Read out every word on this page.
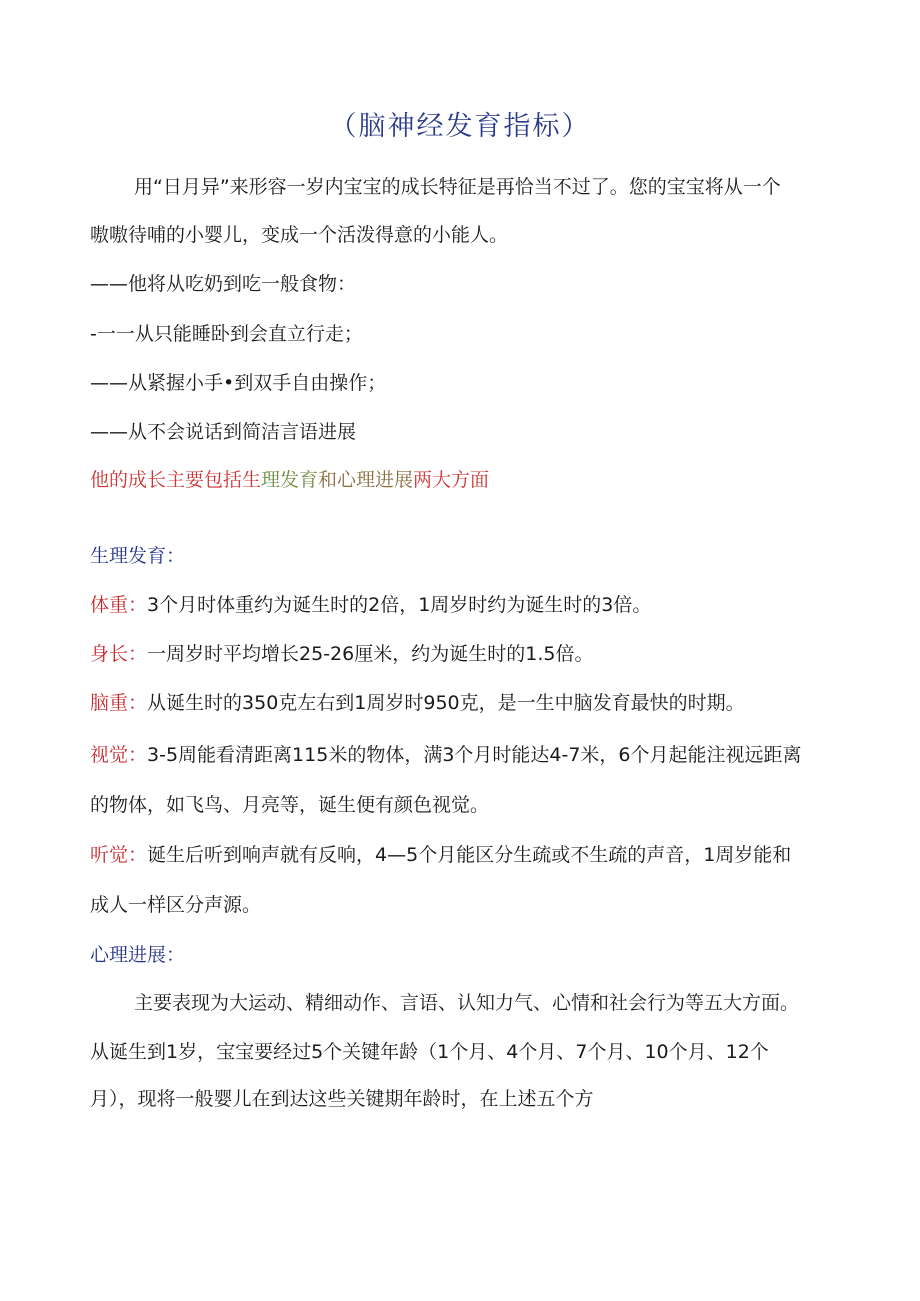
（脑神经发育指标）
用“日月异”来形容一岁内宝宝的成长特征是再恰当不过了。您的宝宝将从一个
嗷嗷待哺的小婴儿，变成一个活泼得意的小能人。
——他将从吃奶到吃一般食物：
-一一从只能睡卧到会直立行走；
——从紧握小手•到双手自由操作；
——从不会说话到简洁言语进展
他的成长主要包括生理发育和心理进展两大方面
生理发育：
体重：3个月时体重约为诞生时的2倍，1周岁时约为诞生时的3倍。
身长：一周岁时平均增长25-26厘米，约为诞生时的1.5倍。
脑重：从诞生时的350克左右到1周岁时950克，是一生中脑发育最快的时期。
视觉：3-5周能看清距离115米的物体，满3个月时能达4-7米，6个月起能注视远距离
的物体，如飞鸟、月亮等，诞生便有颜色视觉。
听觉：诞生后听到响声就有反响，4—5个月能区分生疏或不生疏的声音，1周岁能和
成人一样区分声源。
心理进展：
主要表现为大运动、精细动作、言语、认知力气、心情和社会行为等五大方面。
从诞生到1岁，宝宝要经过5个关键年龄（1个月、4个月、7个月、10个月、12个
月），现将一般婴儿在到达这些关键期年龄时，在上述五个方
